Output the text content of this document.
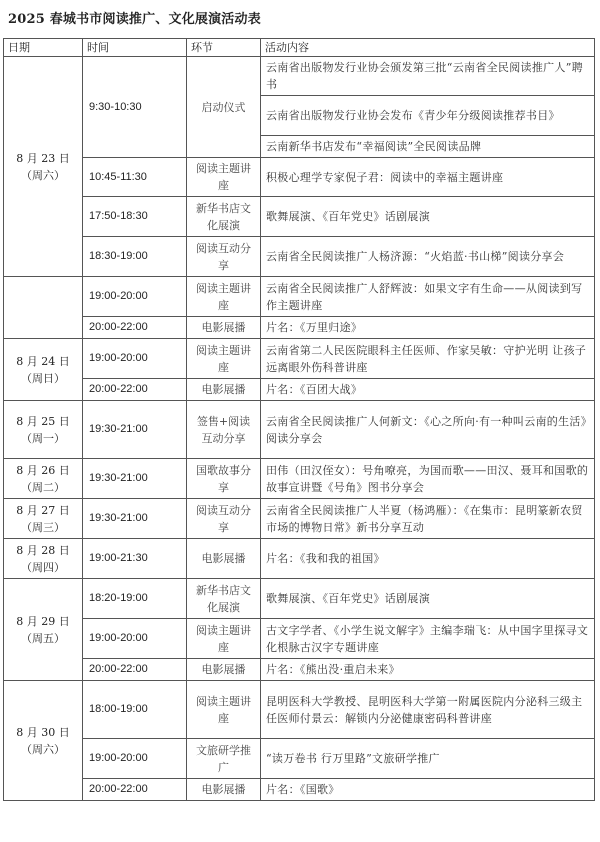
2025 春城书市阅读推广、文化展演活动表
日期	时间	环节	活动内容

8 月 23 日
（周六）	9:30-10:30	启动仪式	云南省出版物发行业协会颁发第三批“云南省全民阅读推广人”聘书
			云南省出版物发行业协会发布《青少年分级阅读推荐书目》
			云南新华书店发布“幸福阅读”全民阅读品牌
	10:45-11:30	阅读主题讲座	积极心理学专家倪子君：阅读中的幸福主题讲座
	17:50-18:30	新华书店文化展演	歌舞展演、《百年党史》话剧展演
	18:30-19:00	阅读互动分享	云南省全民阅读推广人杨济源：“火焰蓝·书山梯”阅读分享会
	19:00-20:00	阅读主题讲座	云南省全民阅读推广人舒辉波：如果文字有生命——从阅读到写作主题讲座
	20:00-22:00	电影展播	片名：《万里归途》

8 月 24 日
（周日）	19:00-20:00	阅读主题讲座	云南省第二人民医院眼科主任医师、作家吴敏：守护光明 让孩子远离眼外伤科普讲座
	20:00-22:00	电影展播	片名：《百团大战》

8 月 25 日
（周一）	19:30-21:00	签售+阅读互动分享	云南省全民阅读推广人何新文：《心之所向·有一种叫云南的生活》阅读分享会

8 月 26 日
（周二）	19:30-21:00	国歌故事分享	田伟（田汉侄女）：号角嘹亮，为国而歌——田汉、聂耳和国歌的故事宣讲暨《号角》图书分享会

8 月 27 日
（周三）	19:30-21:00	阅读互动分享	云南省全民阅读推广人半夏（杨鸿雁）：《在集市：昆明篆新农贸市场的博物日常》新书分享互动

8 月 28 日
（周四）	19:00-21:30	电影展播	片名：《我和我的祖国》

8 月 29 日
（周五）	18:20-19:00	新华书店文化展演	歌舞展演、《百年党史》话剧展演
	19:00-20:00	阅读主题讲座	古文字学者、《小学生说文解字》主编李瑞飞：从中国字里探寻文化根脉古汉字专题讲座
	20:00-22:00	电影展播	片名：《熊出没·重启未来》

8 月 30 日
（周六）	18:00-19:00	阅读主题讲座	昆明医科大学教授、昆明医科大学第一附属医院内分泌科三级主任医师付景云：解锁内分泌健康密码科普讲座
	19:00-20:00	文旅研学推广	“读万卷书 行万里路”文旅研学推广
	20:00-22:00	电影展播	片名：《国歌》
